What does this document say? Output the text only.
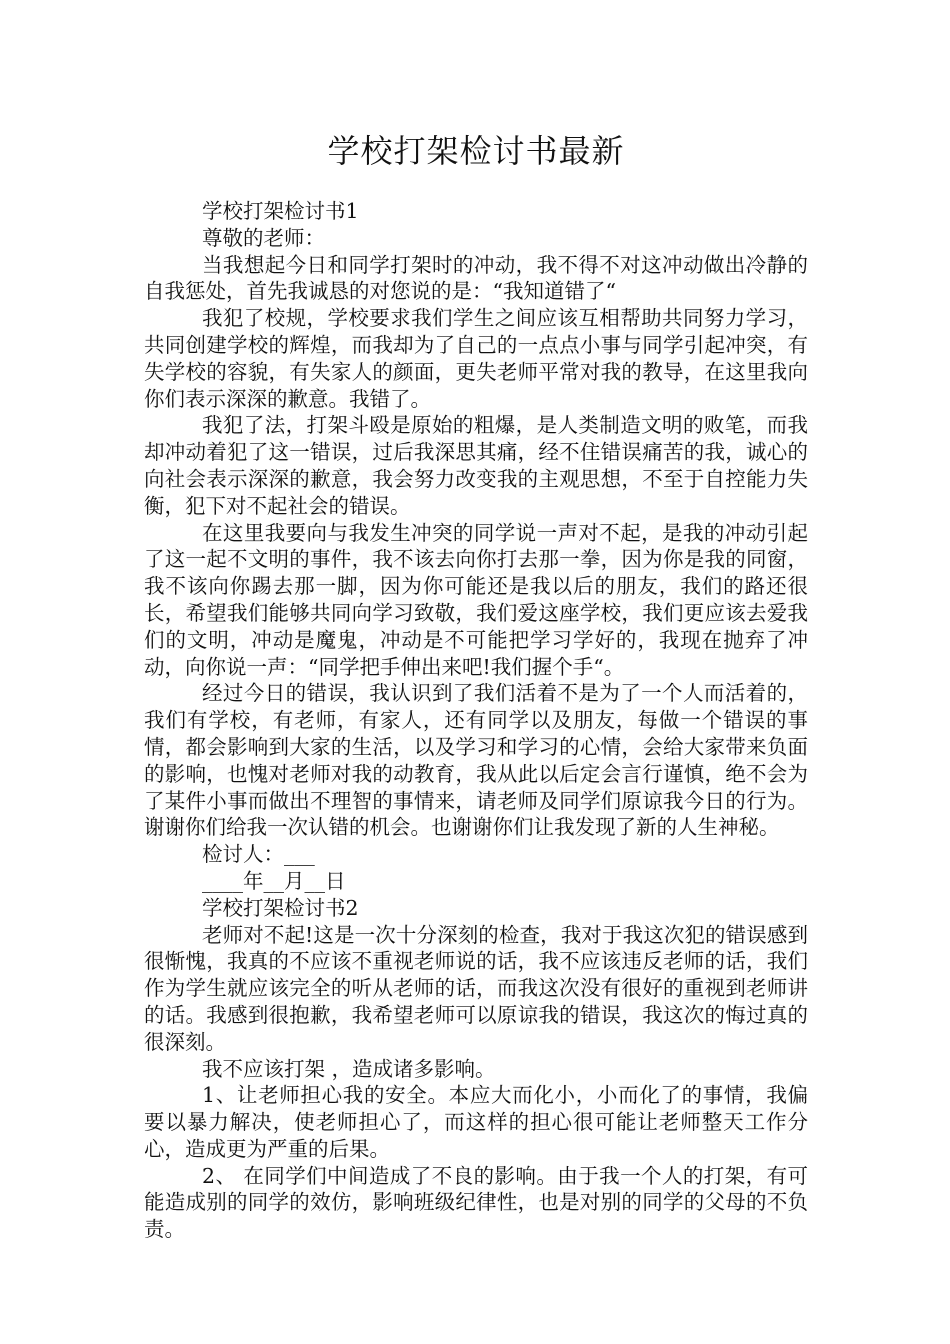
学校打架检讨书最新

学校打架检讨书1

尊敬的老师：

当我想起今日和同学打架时的冲动，我不得不对这冲动做出冷静的自我惩处，首先我诚恳的对您说的是：“我知道错了“

我犯了校规，学校要求我们学生之间应该互相帮助共同努力学习，共同创建学校的辉煌，而我却为了自己的一点点小事与同学引起冲突，有失学校的容貌，有失家人的颜面，更失老师平常对我的教导，在这里我向你们表示深深的歉意。我错了。

我犯了法，打架斗殴是原始的粗爆，是人类制造文明的败笔，而我却冲动着犯了这一错误，过后我深思其痛，经不住错误痛苦的我，诚心的向社会表示深深的歉意，我会努力改变我的主观思想，不至于自控能力失衡，犯下对不起社会的错误。

在这里我要向与我发生冲突的同学说一声对不起，是我的冲动引起了这一起不文明的事件，我不该去向你打去那一拳，因为你是我的同窗，我不该向你踢去那一脚，因为你可能还是我以后的朋友，我们的路还很长，希望我们能够共同向学习致敬，我们爱这座学校，我们更应该去爱我们的文明，冲动是魔鬼，冲动是不可能把学习学好的，我现在抛弃了冲动，向你说一声：“同学把手伸出来吧!我们握个手“。

经过今日的错误，我认识到了我们活着不是为了一个人而活着的，我们有学校，有老师，有家人，还有同学以及朋友，每做一个错误的事情，都会影响到大家的生活，以及学习和学习的心情，会给大家带来负面的影响，也愧对老师对我的动教育，我从此以后定会言行谨慎，绝不会为了某件小事而做出不理智的事情来，请老师及同学们原谅我今日的行为。谢谢你们给我一次认错的机会。也谢谢你们让我发现了新的人生神秘。

检讨人：___

____年__月__日

学校打架检讨书2

老师对不起!这是一次十分深刻的检查，我对于我这次犯的错误感到很惭愧，我真的不应该不重视老师说的话，我不应该违反老师的话，我们作为学生就应该完全的听从老师的话，而我这次没有很好的重视到老师讲的话。我感到很抱歉，我希望老师可以原谅我的错误，我这次的悔过真的很深刻。

我不应该打架 ，造成诸多影响。

1、让老师担心我的安全。本应大而化小，小而化了的事情，我偏要以暴力解决，使老师担心了，而这样的担心很可能让老师整天工作分心，造成更为严重的后果。

2、 在同学们中间造成了不良的影响。由于我一个人的打架，有可能造成别的同学的效仿，影响班级纪律性，也是对别的同学的父母的不负责。
